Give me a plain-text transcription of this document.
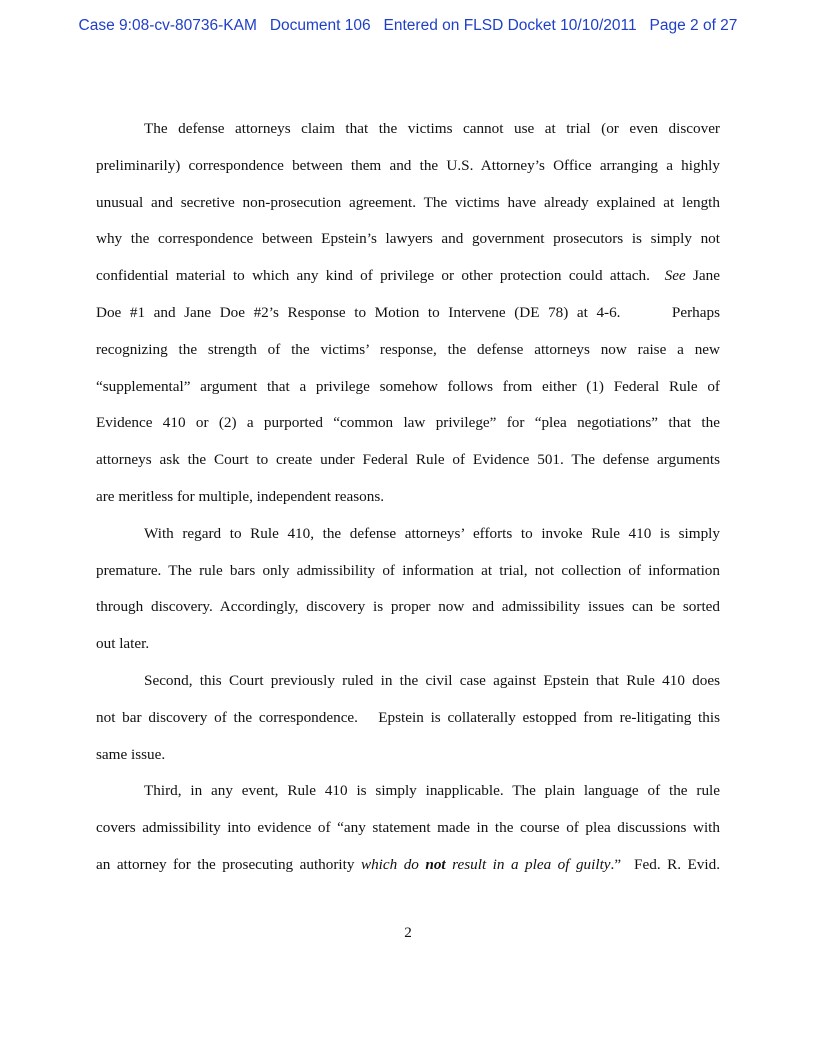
Case 9:08-cv-80736-KAM Document 106 Entered on FLSD Docket 10/10/2011 Page 2 of 27
The defense attorneys claim that the victims cannot use at trial (or even discover
preliminarily) correspondence between them and the U.S. Attorney’s Office arranging a highly
unusual and secretive non-prosecution agreement. The victims have already explained at length
why the correspondence between Epstein’s lawyers and government prosecutors is simply not
confidential material to which any kind of privilege or other protection could attach.  See Jane
Doe #1 and Jane Doe #2’s Response to Motion to Intervene (DE 78) at 4-6.      Perhaps
recognizing the strength of the victims’ response, the defense attorneys now raise a new
“supplemental” argument that a privilege somehow follows from either (1) Federal Rule of
Evidence 410 or (2) a purported “common law privilege” for “plea negotiations” that the
attorneys ask the Court to create under Federal Rule of Evidence 501. The defense arguments
are meritless for multiple, independent reasons.
With regard to Rule 410, the defense attorneys’ efforts to invoke Rule 410 is simply
premature. The rule bars only admissibility of information at trial, not collection of information
through discovery. Accordingly, discovery is proper now and admissibility issues can be sorted
out later.
Second, this Court previously ruled in the civil case against Epstein that Rule 410 does
not bar discovery of the correspondence.   Epstein is collaterally estopped from re-litigating this
same issue.
Third, in any event, Rule 410 is simply inapplicable. The plain language of the rule
covers admissibility into evidence of “any statement made in the course of plea discussions with
an attorney for the prosecuting authority which do not result in a plea of guilty.”  Fed. R. Evid.
2
